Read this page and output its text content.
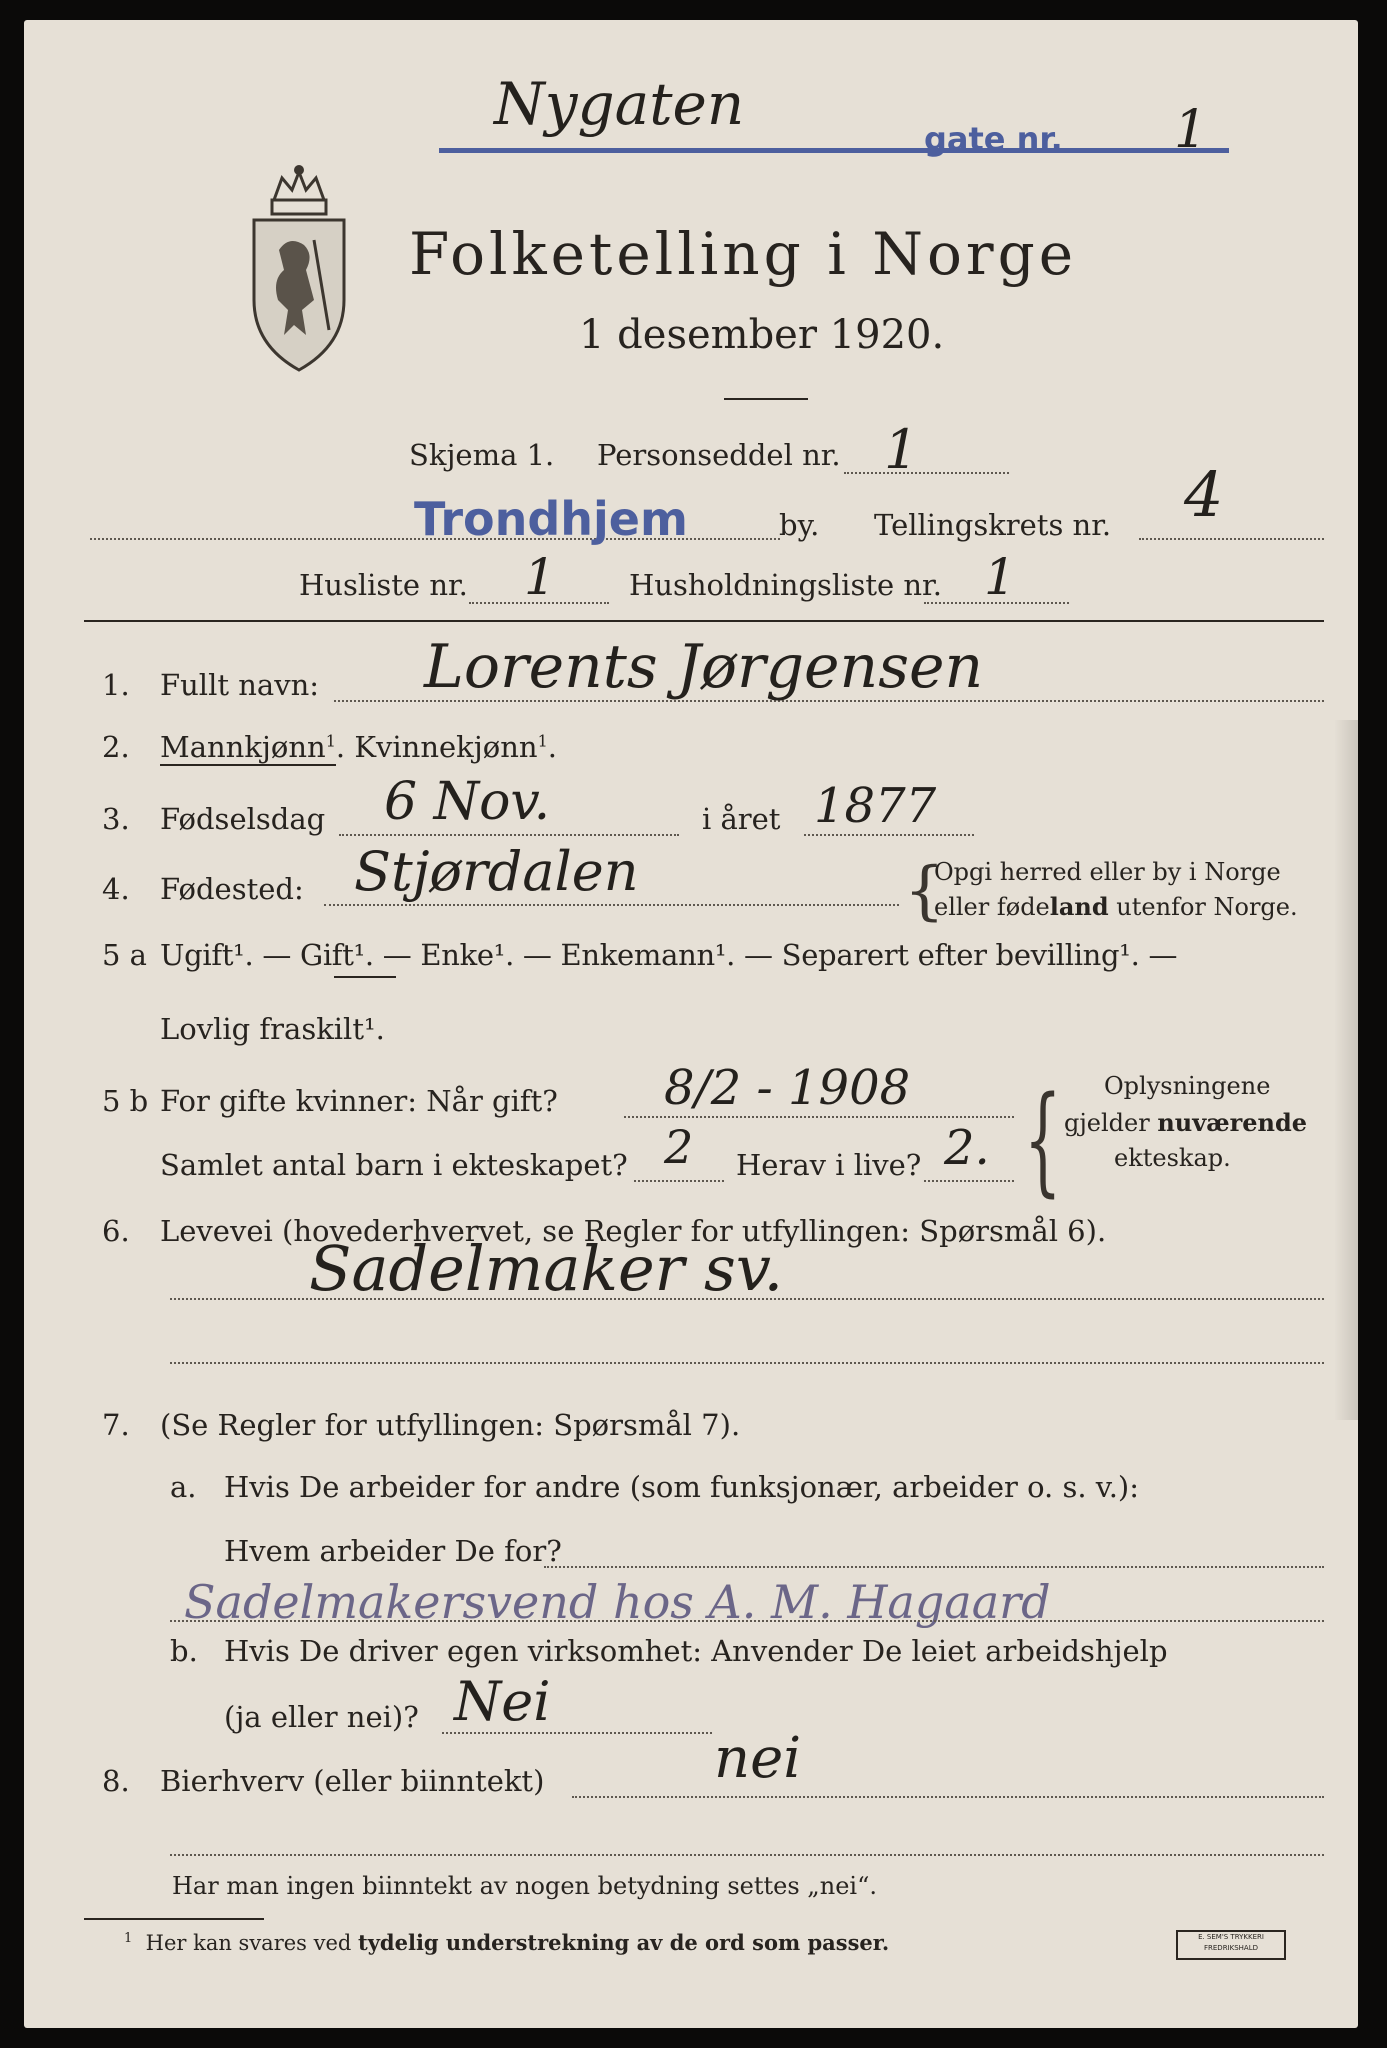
Nygaten
gate nr. 1
Folketelling i Norge
1 desember 1920.
Skjema 1. Personseddel nr. 1
Trondhjem	by. Tellingskrets nr. 4
Husliste nr. 1	Husholdningsliste nr. 1
1. Fullt navn: Lorents Jørgensen
2. Mannkjønn$^1$. Kvinnekjønn$^1$.
3. Fødselsdag 6 Nov.	i året 1877
4. Fødested: Stjørdalen	{
Opgi herred eller by i Norge
eller fødeland utenfor Norge.
5 a Ugift¹. — Gift¹. — Enke¹. — Enkemann¹. — Separert efter bevilling¹. —
Lovlig fraskilt¹.
5 b For gifte kvinner: Når gift? 8/2 - 1908
Samlet antal barn i ekteskapet? 2 Herav i live? 2. { Oplysningene
gjelder nuværende
ekteskap.
6. Levevei (hovederhvervet, se Regler for utfyllingen: Spørsmål 6).
Sadelmaker sv.
7. (Se Regler for utfyllingen: Spørsmål 7).
a. Hvis De arbeider for andre (som funksjonær, arbeider o. s. v.):
Hvem arbeider De for?
Sadelmakersvend hos A. M. Hagaard
b. Hvis De driver egen virksomhet: Anvender De leiet arbeidshjelp
(ja eller nei)? Nei
8. Bierhverv (eller biinntekt)	nei
Har man ingen biinntekt av nogen betydning settes „nei“.
$^1$ Her kan svares ved tydelig understrekning av de ord som passer.	E. SEM'S TRYKKERI
FREDRIKSHALD
